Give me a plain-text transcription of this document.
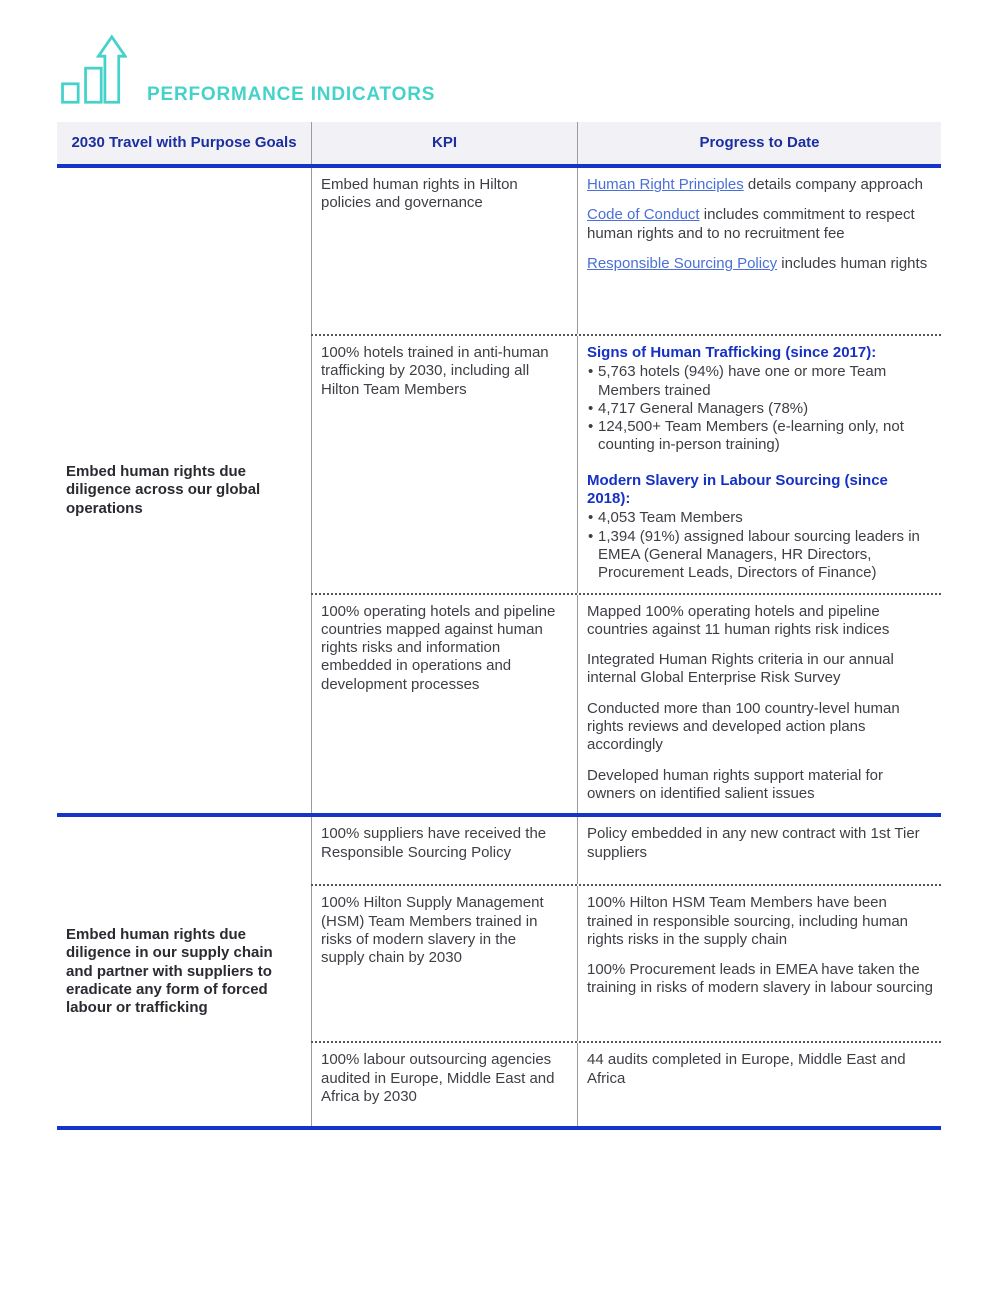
PERFORMANCE INDICATORS
2030 Travel with Purpose Goals	KPI	Progress to Date
Embed human rights due diligence across our global operations
Embed human rights in Hilton policies and governance

Human Right Principles details company approach

Code of Conduct includes commitment to respect human rights and to no recruitment fee

Responsible Sourcing Policy includes human rights

100% hotels trained in anti-human trafficking by 2030, including all Hilton Team Members
Signs of Human Trafficking (since 2017):
• 5,763 hotels (94%) have one or more Team Members trained
• 4,717 General Managers (78%)
• 124,500+ Team Members (e-learning only, not counting in-person training)
Modern Slavery in Labour Sourcing (since 2018):
• 4,053 Team Members
• 1,394 (91%) assigned labour sourcing leaders in EMEA (General Managers, HR Directors, Procurement Leads, Directors of Finance)
100% operating hotels and pipeline countries mapped against human rights risks and information embedded in operations and development processes

Mapped 100% operating hotels and pipeline countries against 11 human rights risk indices

Integrated Human Rights criteria in our annual internal Global Enterprise Risk Survey

Conducted more than 100 country-level human rights reviews and developed action plans accordingly

Developed human rights support material for owners on identified salient issues

Embed human rights due diligence in our supply chain and partner with suppliers to eradicate any form of forced labour or trafficking
100% suppliers have received the Responsible Sourcing Policy

Policy embedded in any new contract with 1st Tier suppliers

100% Hilton Supply Management (HSM) Team Members trained in risks of modern slavery in the supply chain by 2030

100% Hilton HSM Team Members have been trained in responsible sourcing, including human rights risks in the supply chain

100% Procurement leads in EMEA have taken the training in risks of modern slavery in labour sourcing

100% labour outsourcing agencies audited in Europe, Middle East and Africa by 2030

44 audits completed in Europe, Middle East and Africa
